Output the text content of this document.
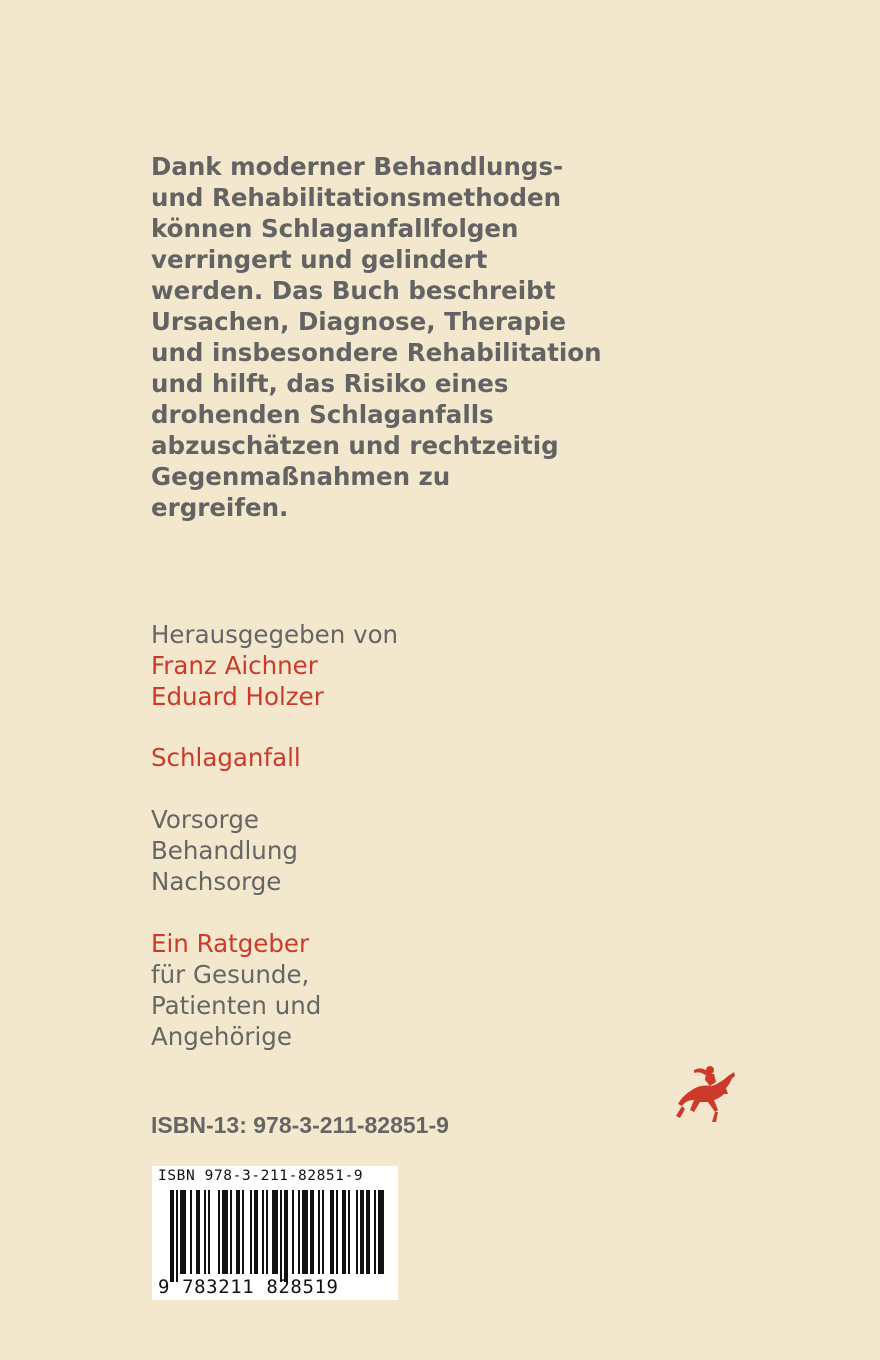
Dank moderner Behandlungs-
und Rehabilitationsmethoden
können Schlaganfallfolgen
verringert und gelindert
werden. Das Buch beschreibt
Ursachen, Diagnose, Therapie
und insbesondere Rehabilitation
und hilft, das Risiko eines
drohenden Schlaganfalls
abzuschätzen und rechtzeitig
Gegenmaßnahmen zu
ergreifen.
Herausgegeben von
Franz Aichner
Eduard Holzer
Schlaganfall
Vorsorge
Behandlung
Nachsorge
Ein Ratgeber
für Gesunde,
Patienten und
Angehörige
ISBN-13: 978-3-211-82851-9
ISBN 978-3-211-82851-9
9 783211 828519
